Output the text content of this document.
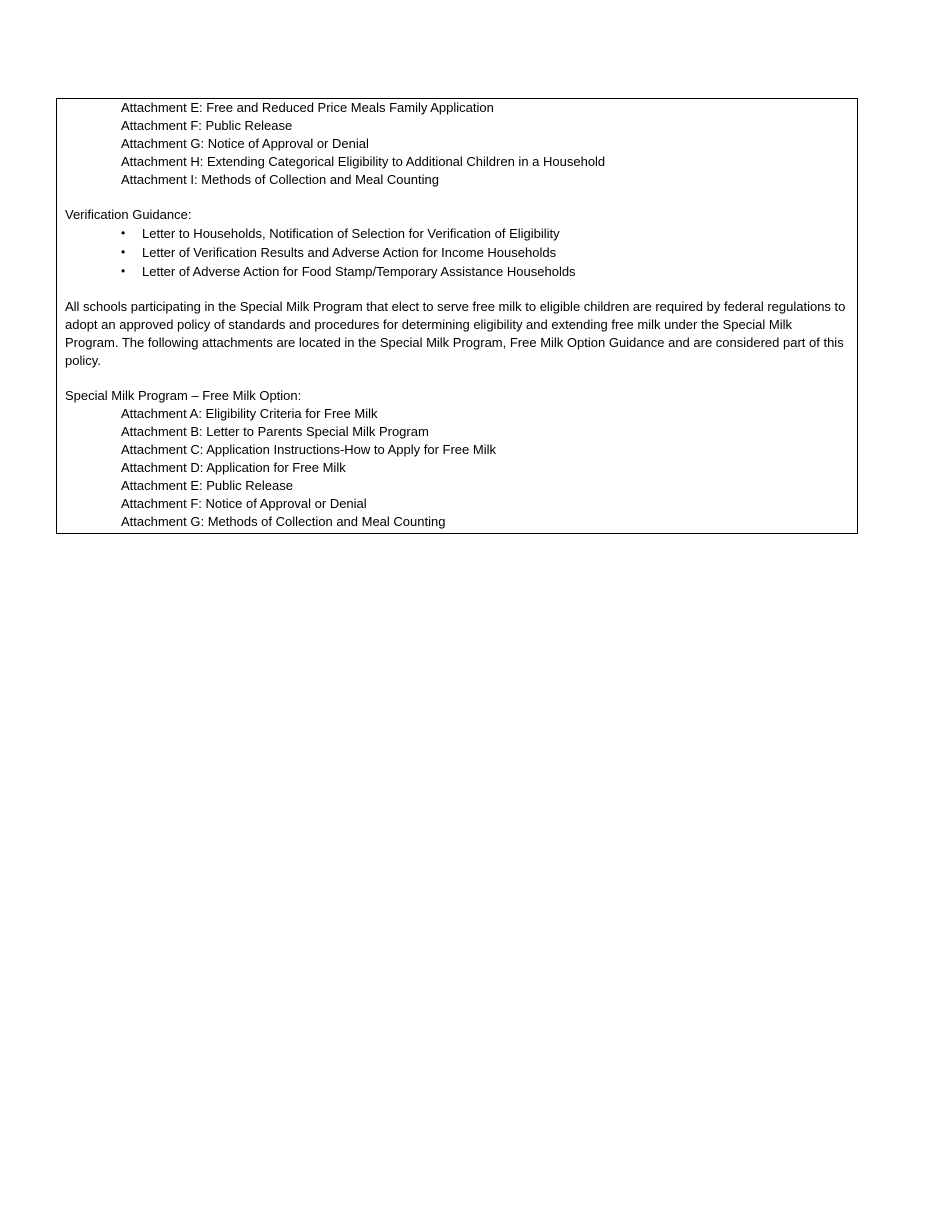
Attachment E: Free and Reduced Price Meals Family Application
Attachment F: Public Release
Attachment G: Notice of Approval or Denial
Attachment H: Extending Categorical Eligibility to Additional Children in a Household
Attachment I: Methods of Collection and Meal Counting
Verification Guidance:
• Letter to Households, Notification of Selection for Verification of Eligibility
• Letter of Verification Results and Adverse Action for Income Households
• Letter of Adverse Action for Food Stamp/Temporary Assistance Households

All schools participating in the Special Milk Program that elect to serve free milk to eligible children are required by federal regulations to adopt an approved policy of standards and procedures for determining eligibility and extending free milk under the Special Milk Program. The following attachments are located in the Special Milk Program, Free Milk Option Guidance and are considered part of this policy.

Special Milk Program – Free Milk Option:
Attachment A: Eligibility Criteria for Free Milk
Attachment B: Letter to Parents Special Milk Program
Attachment C: Application Instructions-How to Apply for Free Milk
Attachment D: Application for Free Milk
Attachment E: Public Release
Attachment F: Notice of Approval or Denial
Attachment G: Methods of Collection and Meal Counting
